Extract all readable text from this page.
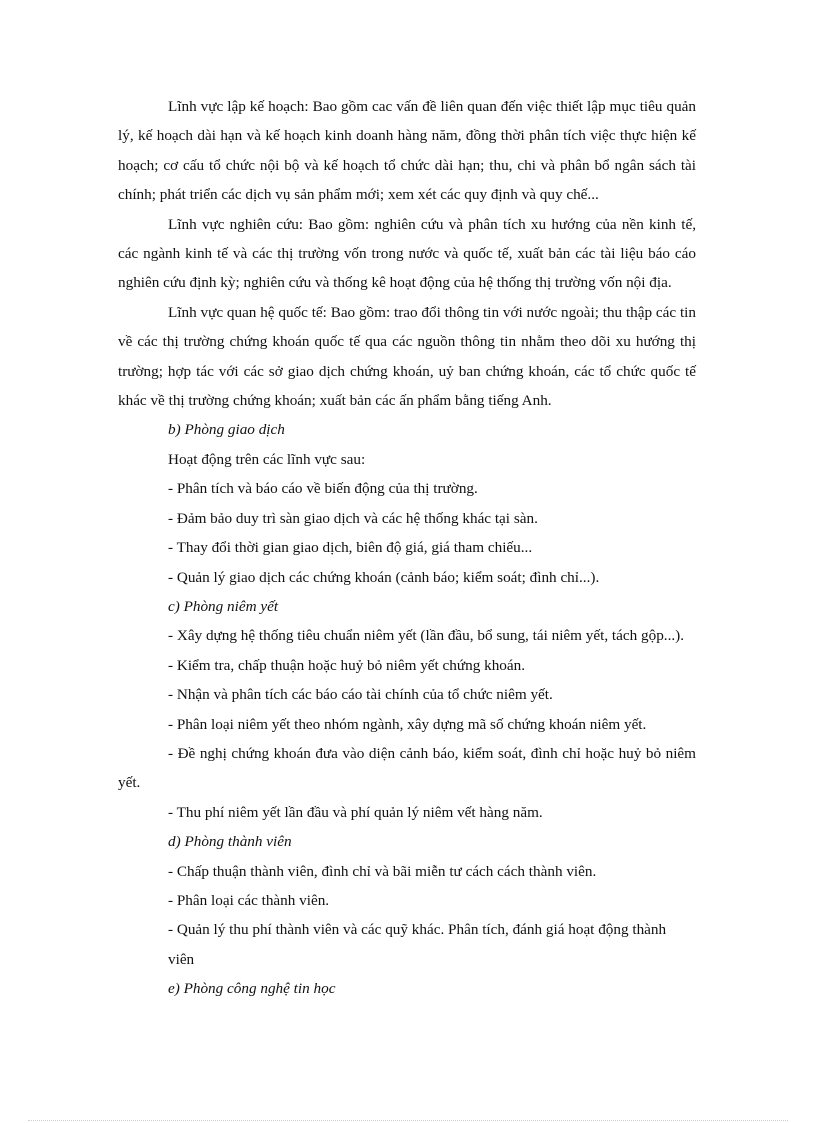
Lĩnh vực lập kế hoạch: Bao gồm cac vấn đề liên quan đến việc thiết lập mục tiêu quản lý, kế hoạch dài hạn và kế hoạch kinh doanh hàng năm, đồng thời phân tích việc thực hiện kế hoạch; cơ cấu tổ chức nội bộ và kế hoạch tổ chức dài hạn; thu, chi và phân bổ ngân sách tài chính; phát triển các dịch vụ sản phẩm mới; xem xét các quy định và quy chế...

Lĩnh vực nghiên cứu: Bao gồm: nghiên cứu và phân tích xu hướng của nền kinh tế, các ngành kinh tế và các thị trường vốn trong nước và quốc tế, xuất bản các tài liệu báo cáo nghiên cứu định kỳ; nghiên cứu và thống kê hoạt động của hệ thống thị trường vốn nội địa.

Lĩnh vực quan hệ quốc tế: Bao gồm: trao đổi thông tin với nước ngoài; thu thập các tin về các thị trường chứng khoán quốc tế qua các nguồn thông tin nhằm theo dõi xu hướng thị trường; hợp tác với các sở giao dịch chứng khoán, uỷ ban chứng khoán, các tổ chức quốc tế khác về thị trường chứng khoán; xuất bản các ấn phẩm bằng tiếng Anh.

b) Phòng giao dịch

Hoạt động trên các lĩnh vực sau:

- Phân tích và báo cáo về biến động của thị trường.

- Đảm bảo duy trì sàn giao dịch và các hệ thống khác tại sàn.

- Thay đổi thời gian giao dịch, biên độ giá, giá tham chiếu...

- Quản lý giao dịch các chứng khoán (cảnh báo; kiểm soát; đình chỉ...).

c) Phòng niêm yết

- Xây dựng hệ thống tiêu chuẩn niêm yết (lần đầu, bổ sung, tái niêm yết, tách gộp...).

- Kiểm tra, chấp thuận hoặc huỷ bỏ niêm yết chứng khoán.

- Nhận và phân tích các báo cáo tài chính của tổ chức niêm yết.

- Phân loại niêm yết theo nhóm ngành, xây dựng mã số chứng khoán niêm yết.

- Đề nghị chứng khoán đưa vào diện cảnh báo, kiểm soát, đình chỉ hoặc huỷ bỏ niêm yết.

- Thu phí niêm yết lần đầu và phí quản lý niêm vết hàng năm.

d) Phòng thành viên

- Chấp thuận thành viên, đình chỉ và bãi miễn tư cách cách thành viên.

- Phân loại các thành viên.

- Quản lý thu phí thành viên và các quỹ khác. Phân tích, đánh giá hoạt động thành viên

e) Phòng công nghệ tin học
